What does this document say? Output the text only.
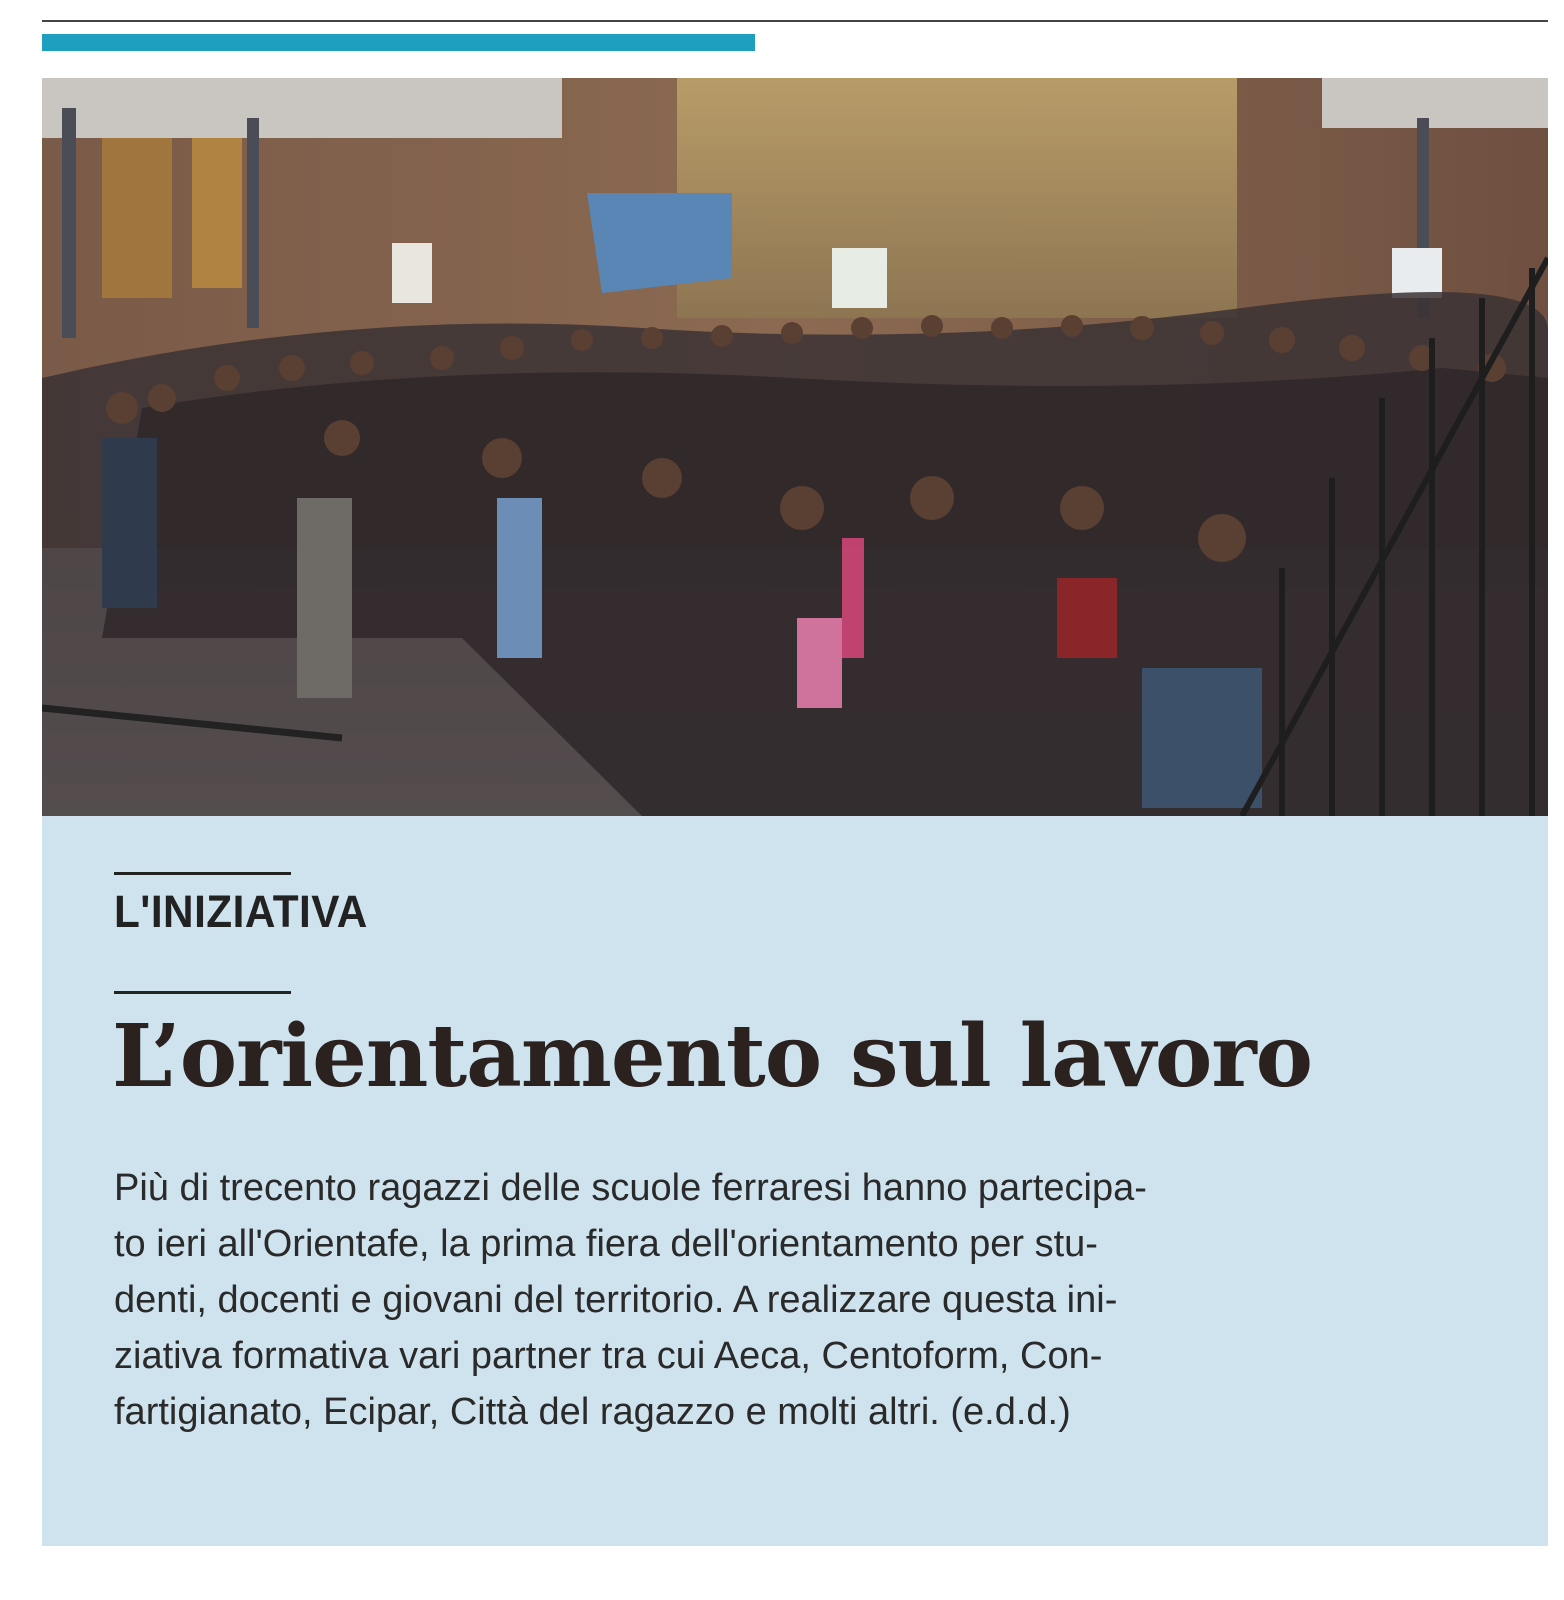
L'INIZIATIVA
L’orientamento sul lavoro
Più di trecento ragazzi delle scuole ferraresi hanno partecipa-
to ieri all'Orientafe, la prima fiera dell'orientamento per stu-
denti, docenti e giovani del territorio. A realizzare questa ini-
ziativa formativa vari partner tra cui Aeca, Centoform, Con-
fartigianato, Ecipar, Città del ragazzo e molti altri. (e.d.d.)
